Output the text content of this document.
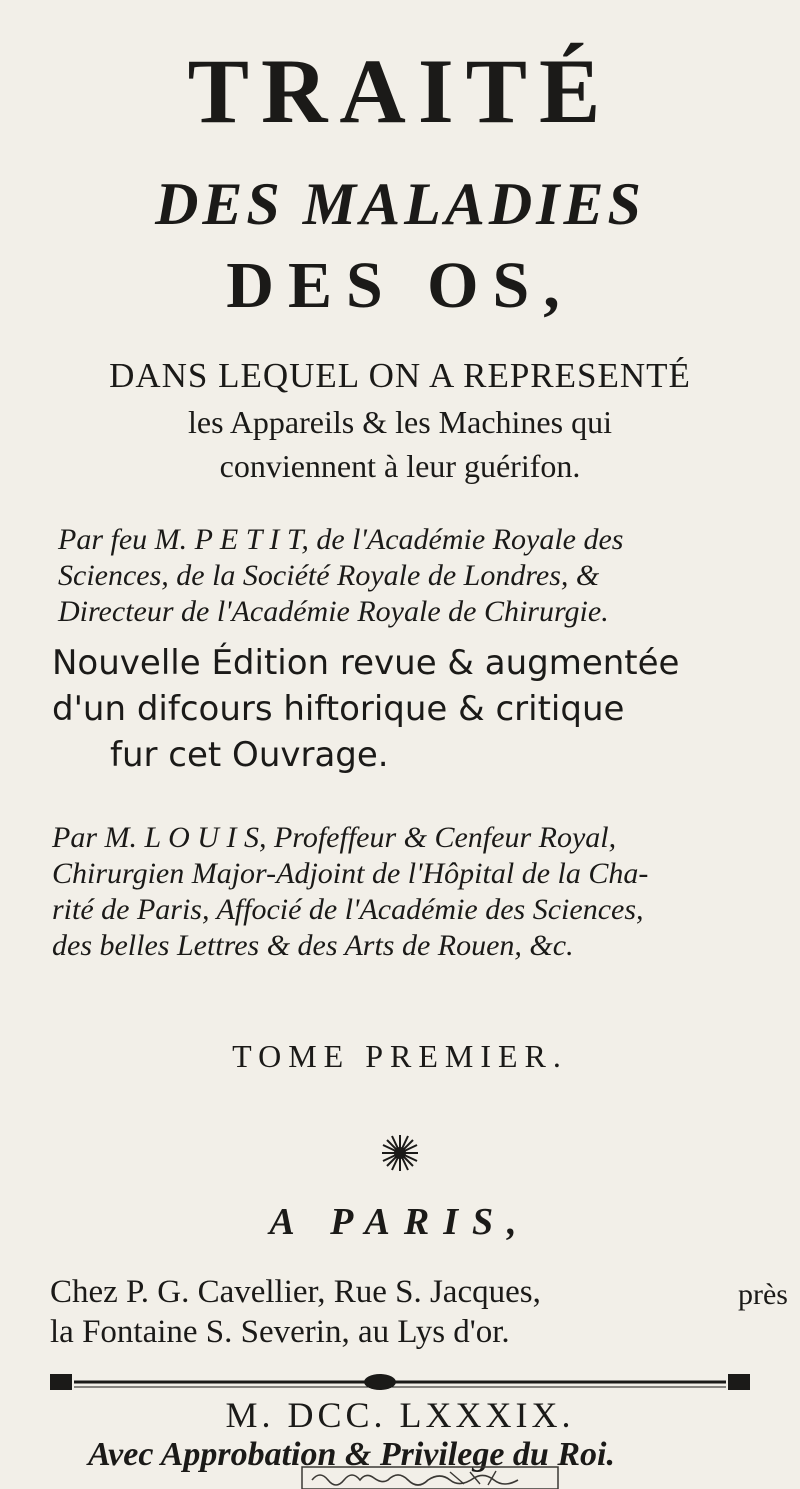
TRAITÉ
DES MALADIES
DES OS,
DANS LEQUEL ON A REPRESENTÉ
les Appareils & les Machines qui
conviennent à leur guérifon.
Par feu M. P E T I T, de l'Académie Royale des
Sciences, de la Société Royale de Londres, &
Directeur de l'Académie Royale de Chirurgie.
Nouvelle Édition revue & augmentée
d'un difcours hiftorique & critique
fur cet Ouvrage.
Par M. L O U I S, Profeffeur & Cenfeur Royal,
Chirurgien Major-Adjoint de l'Hôpital de la Cha-
rité de Paris, Affocié de l'Académie des Sciences,
des belles Lettres & des Arts de Rouen, &c.
TOME PREMIER.
A PARIS,
Chez P. G. Cavellier, Rue S. Jacques,
la Fontaine S. Severin, au Lys d'or.
près
M. DCC. LXXXIX.
Avec Approbation & Privilege du Roi.
